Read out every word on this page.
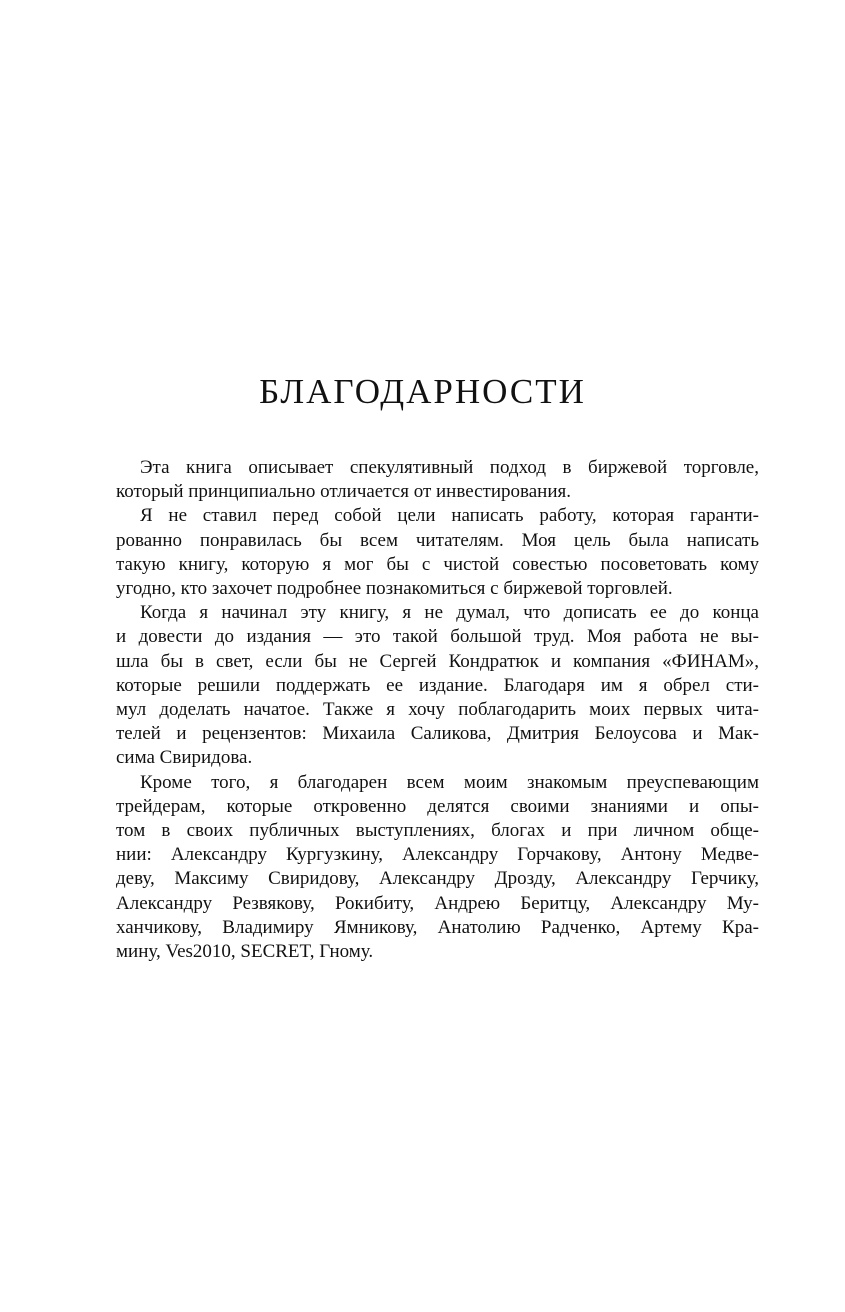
БЛАГОДАРНОСТИ

Эта книга описывает спекулятивный подход в биржевой торговле,
который принципиально отличается от инвестирования.

Я не ставил перед собой цели написать работу, которая гаранти-
рованно понравилась бы всем читателям. Моя цель была написать
такую книгу, которую я мог бы с чистой совестью посоветовать кому
угодно, кто захочет подробнее познакомиться с биржевой торговлей.

Когда я начинал эту книгу, я не думал, что дописать ее до конца
и довести до издания — это такой большой труд. Моя работа не вы-
шла бы в свет, если бы не Сергей Кондратюк и компания «ФИНАМ»,
которые решили поддержать ее издание. Благодаря им я обрел сти-
мул доделать начатое. Также я хочу поблагодарить моих первых чита-
телей и рецензентов: Михаила Саликова, Дмитрия Белоусова и Мак-
сима Свиридова.

Кроме того, я благодарен всем моим знакомым преуспевающим
трейдерам, которые откровенно делятся своими знаниями и опы-
том в своих публичных выступлениях, блогах и при личном обще-
нии: Александру Кургузкину, Александру Горчакову, Антону Медве-
деву, Максиму Свиридову, Александру Дрозду, Александру Герчику,
Александру Резвякову, Рокибиту, Андрею Беритцу, Александру Му-
ханчикову, Владимиру Ямникову, Анатолию Радченко, Артему Кра-
мину, Ves2010, SECRET, Гному.
